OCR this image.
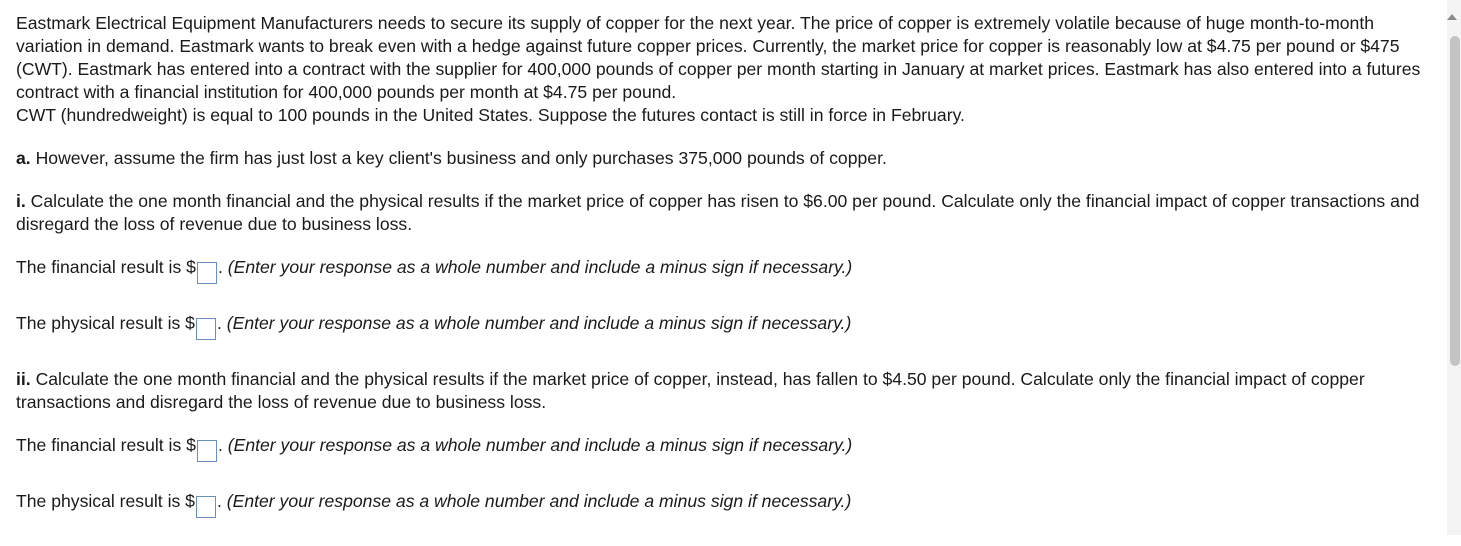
Eastmark Electrical Equipment Manufacturers needs to secure its supply of copper for the next year. The price of copper is extremely volatile because of huge month-to-month variation in demand. Eastmark wants to break even with a hedge against future copper prices. Currently, the market price for copper is reasonably low at $4.75 per pound or $475 (CWT). Eastmark has entered into a contract with the supplier for 400,000 pounds of copper per month starting in January at market prices. Eastmark has also entered into a futures contract with a financial institution for 400,000 pounds per month at $4.75 per pound.
CWT (hundredweight) is equal to 100 pounds in the United States. Suppose the futures contact is still in force in February.

a. However, assume the firm has just lost a key client's business and only purchases 375,000 pounds of copper.

i. Calculate the one month financial and the physical results if the market price of copper has risen to $6.00 per pound. Calculate only the financial impact of copper transactions and disregard the loss of revenue due to business loss.

The financial result is $ . (Enter your response as a whole number and include a minus sign if necessary.)
The physical result is $ . (Enter your response as a whole number and include a minus sign if necessary.)

ii. Calculate the one month financial and the physical results if the market price of copper, instead, has fallen to $4.50 per pound. Calculate only the financial impact of copper transactions and disregard the loss of revenue due to business loss.

The financial result is $ . (Enter your response as a whole number and include a minus sign if necessary.)
The physical result is $ . (Enter your response as a whole number and include a minus sign if necessary.)
